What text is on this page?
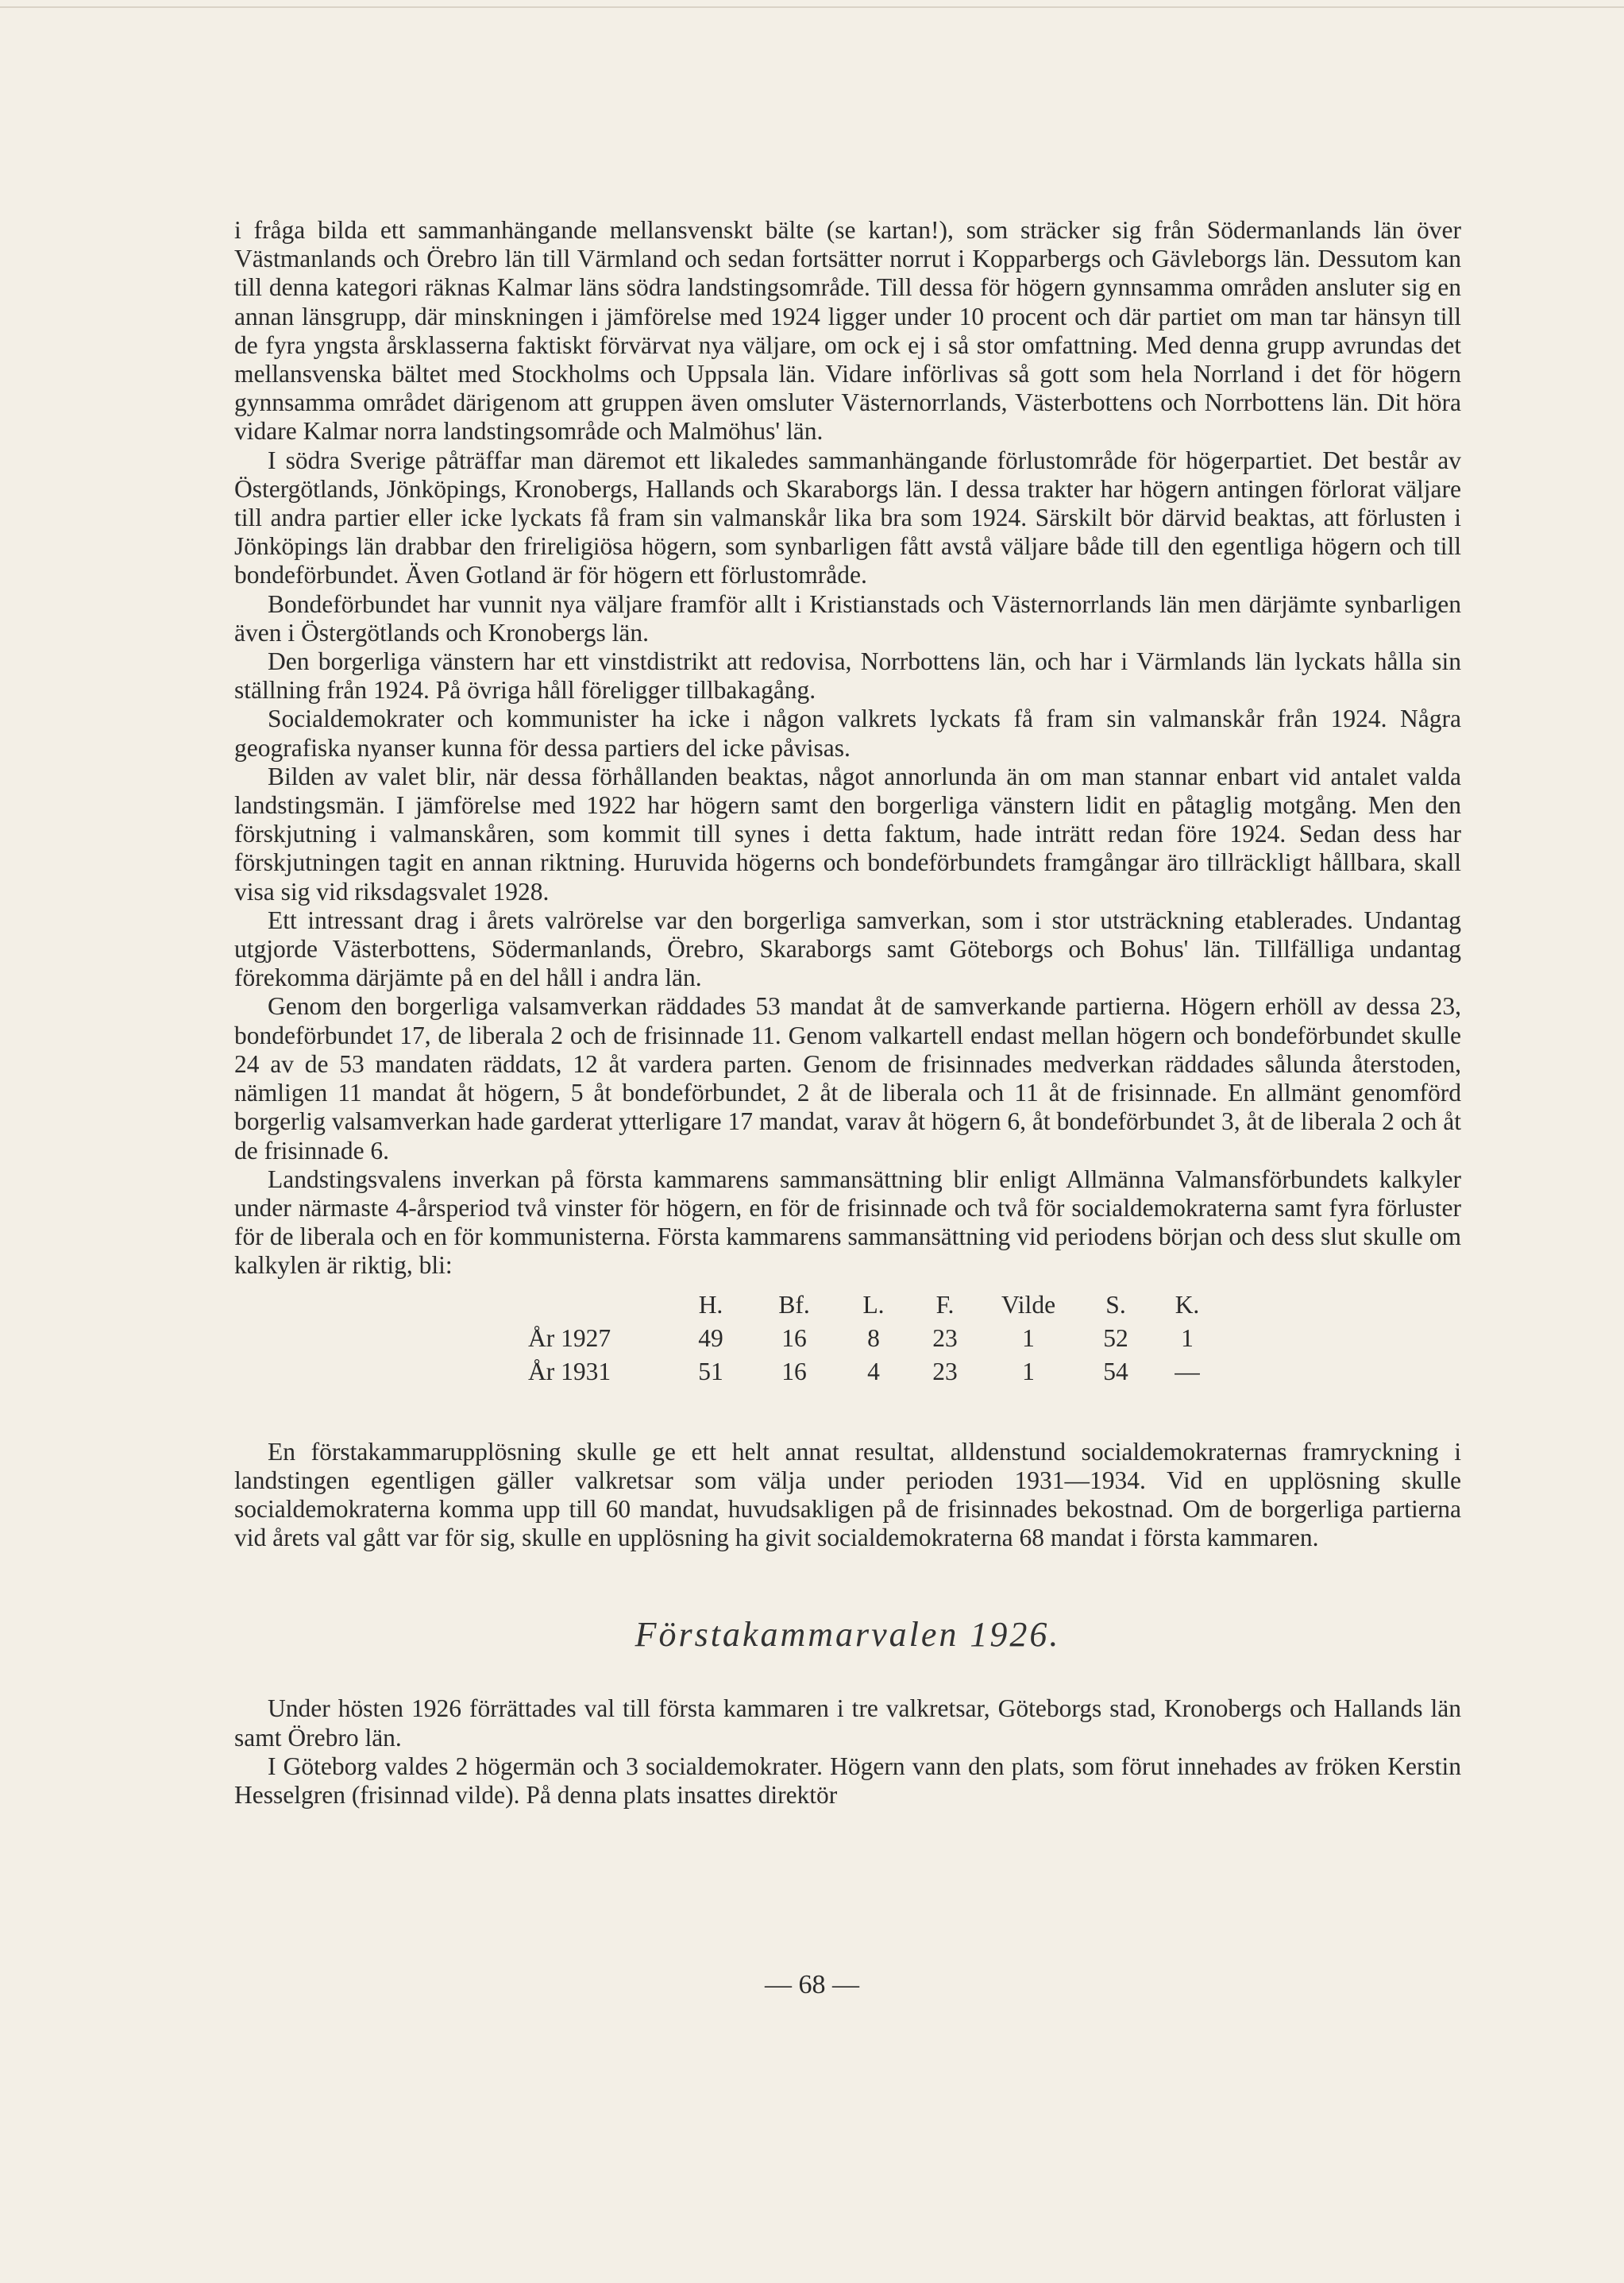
i fråga bilda ett sammanhängande mellansvenskt bälte (se kartan!), som sträcker sig från Södermanlands län över Västmanlands och Örebro län till Värmland och sedan fortsätter norrut i Kopparbergs och Gävleborgs län. Dessutom kan till denna kategori räknas Kalmar läns södra landstingsområde. Till dessa för högern gynnsamma områden ansluter sig en annan länsgrupp, där minskningen i jämförelse med 1924 ligger under 10 procent och där partiet om man tar hänsyn till de fyra yngsta årsklasserna faktiskt förvärvat nya väljare, om ock ej i så stor omfattning. Med denna grupp avrundas det mellansvenska bältet med Stockholms och Uppsala län. Vidare införlivas så gott som hela Norrland i det för högern gynnsamma området därigenom att gruppen även omsluter Västernorrlands, Västerbottens och Norrbottens län. Dit höra vidare Kalmar norra landstingsområde och Malmöhus' län.

I södra Sverige påträffar man däremot ett likaledes sammanhängande förlustområde för högerpartiet. Det består av Östergötlands, Jönköpings, Kronobergs, Hallands och Skaraborgs län. I dessa trakter har högern antingen förlorat väljare till andra partier eller icke lyckats få fram sin valmanskår lika bra som 1924. Särskilt bör därvid beaktas, att förlusten i Jönköpings län drabbar den frireligiösa högern, som synbarligen fått avstå väljare både till den egentliga högern och till bondeförbundet. Även Gotland är för högern ett förlustområde.

Bondeförbundet har vunnit nya väljare framför allt i Kristianstads och Västernorrlands län men därjämte synbarligen även i Östergötlands och Kronobergs län.

Den borgerliga vänstern har ett vinstdistrikt att redovisa, Norrbottens län, och har i Värmlands län lyckats hålla sin ställning från 1924. På övriga håll föreligger tillbakagång.

Socialdemokrater och kommunister ha icke i någon valkrets lyckats få fram sin valmanskår från 1924. Några geografiska nyanser kunna för dessa partiers del icke påvisas.

Bilden av valet blir, när dessa förhållanden beaktas, något annorlunda än om man stannar enbart vid antalet valda landstingsmän. I jämförelse med 1922 har högern samt den borgerliga vänstern lidit en påtaglig motgång. Men den förskjutning i valmanskåren, som kommit till synes i detta faktum, hade inträtt redan före 1924. Sedan dess har förskjutningen tagit en annan riktning. Huruvida högerns och bondeförbundets framgångar äro tillräckligt hållbara, skall visa sig vid riksdagsvalet 1928.

Ett intressant drag i årets valrörelse var den borgerliga samverkan, som i stor utsträckning etablerades. Undantag utgjorde Västerbottens, Södermanlands, Örebro, Skaraborgs samt Göteborgs och Bohus' län. Tillfälliga undantag förekomma därjämte på en del håll i andra län.

Genom den borgerliga valsamverkan räddades 53 mandat åt de samverkande partierna. Högern erhöll av dessa 23, bondeförbundet 17, de liberala 2 och de frisinnade 11. Genom valkartell endast mellan högern och bondeförbundet skulle 24 av de 53 mandaten räddats, 12 åt vardera parten. Genom de frisinnades medverkan räddades sålunda återstoden, nämligen 11 mandat åt högern, 5 åt bondeförbundet, 2 åt de liberala och 11 åt de frisinnade. En allmänt genomförd borgerlig valsamverkan hade garderat ytterligare 17 mandat, varav åt högern 6, åt bondeförbundet 3, åt de liberala 2 och åt de frisinnade 6.

Landstingsvalens inverkan på första kammarens sammansättning blir enligt Allmänna Valmansförbundets kalkyler under närmaste 4-årsperiod två vinster för högern, en för de frisinnade och två för socialdemokraterna samt fyra förluster för de liberala och en för kommunisterna. Första kammarens sammansättning vid periodens början och dess slut skulle om kalkylen är riktig, bli:

	H.	Bf.	L.	F.	Vilde	S.	K.
År 1927	49	16	8	23	1	52	1
År 1931	51	16	4	23	1	54	—

En förstakammarupplösning skulle ge ett helt annat resultat, alldenstund socialdemokraternas framryckning i landstingen egentligen gäller valkretsar som välja under perioden 1931—1934. Vid en upplösning skulle socialdemokraterna komma upp till 60 mandat, huvudsakligen på de frisinnades bekostnad. Om de borgerliga partierna vid årets val gått var för sig, skulle en upplösning ha givit socialdemokraterna 68 mandat i första kammaren.

Förstakammarvalen 1926.

Under hösten 1926 förrättades val till första kammaren i tre valkretsar, Göteborgs stad, Kronobergs och Hallands län samt Örebro län.

I Göteborg valdes 2 högermän och 3 socialdemokrater. Högern vann den plats, som förut innehades av fröken Kerstin Hesselgren (frisinnad vilde). På denna plats insattes direktör

— 68 —
